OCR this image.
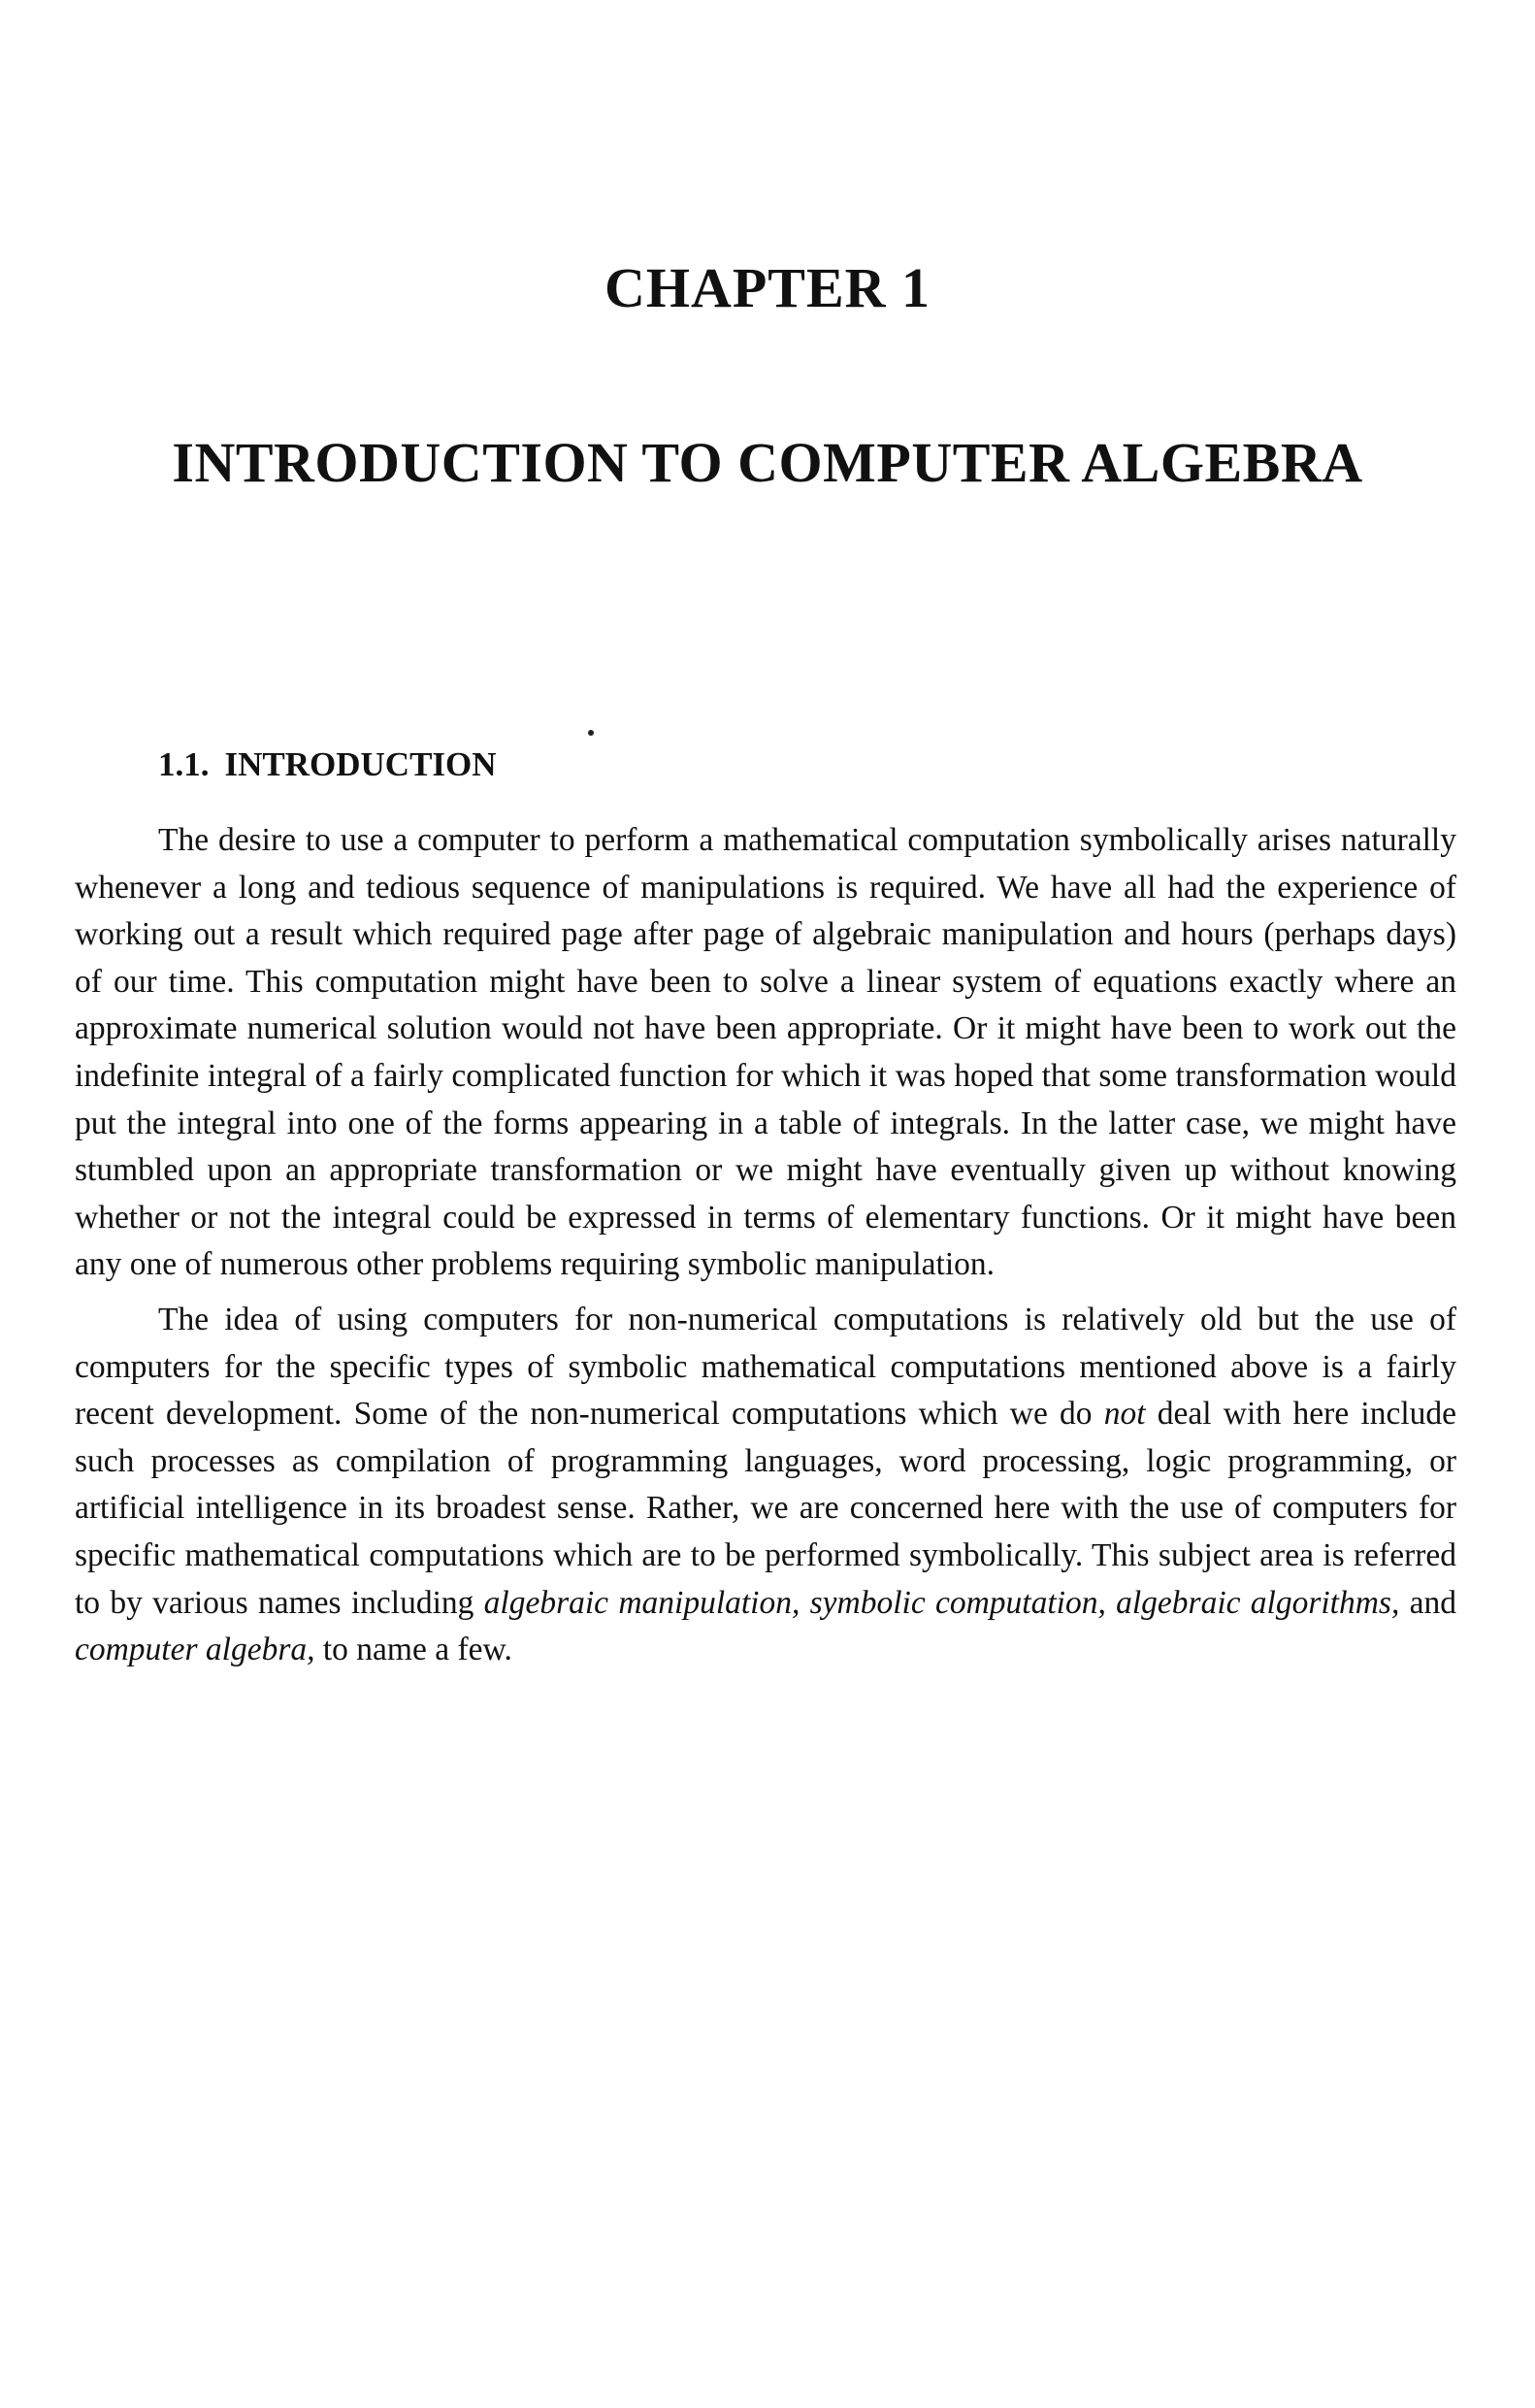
CHAPTER 1
INTRODUCTION TO COMPUTER ALGEBRA
1.1. INTRODUCTION

The desire to use a computer to perform a mathematical computation symbolically arises naturally whenever a long and tedious sequence of manipulations is required. We have all had the experience of working out a result which required page after page of algebraic manipulation and hours (perhaps days) of our time. This computation might have been to solve a linear system of equations exactly where an approximate numerical solution would not have been appropriate. Or it might have been to work out the indefinite integral of a fairly complicated function for which it was hoped that some transformation would put the integral into one of the forms appearing in a table of integrals. In the latter case, we might have stumbled upon an appropriate transformation or we might have eventually given up without knowing whether or not the integral could be expressed in terms of elementary functions. Or it might have been any one of numerous other problems requiring symbolic manipulation.

The idea of using computers for non-numerical computations is relatively old but the use of computers for the specific types of symbolic mathematical computations mentioned above is a fairly recent development. Some of the non-numerical computations which we do not deal with here include such processes as compilation of programming languages, word processing, logic programming, or artificial intelligence in its broadest sense. Rather, we are concerned here with the use of computers for specific mathematical computations which are to be performed symbolically. This subject area is referred to by various names including algebraic manipulation, symbolic computation, algebraic algorithms, and computer algebra, to name a few.
